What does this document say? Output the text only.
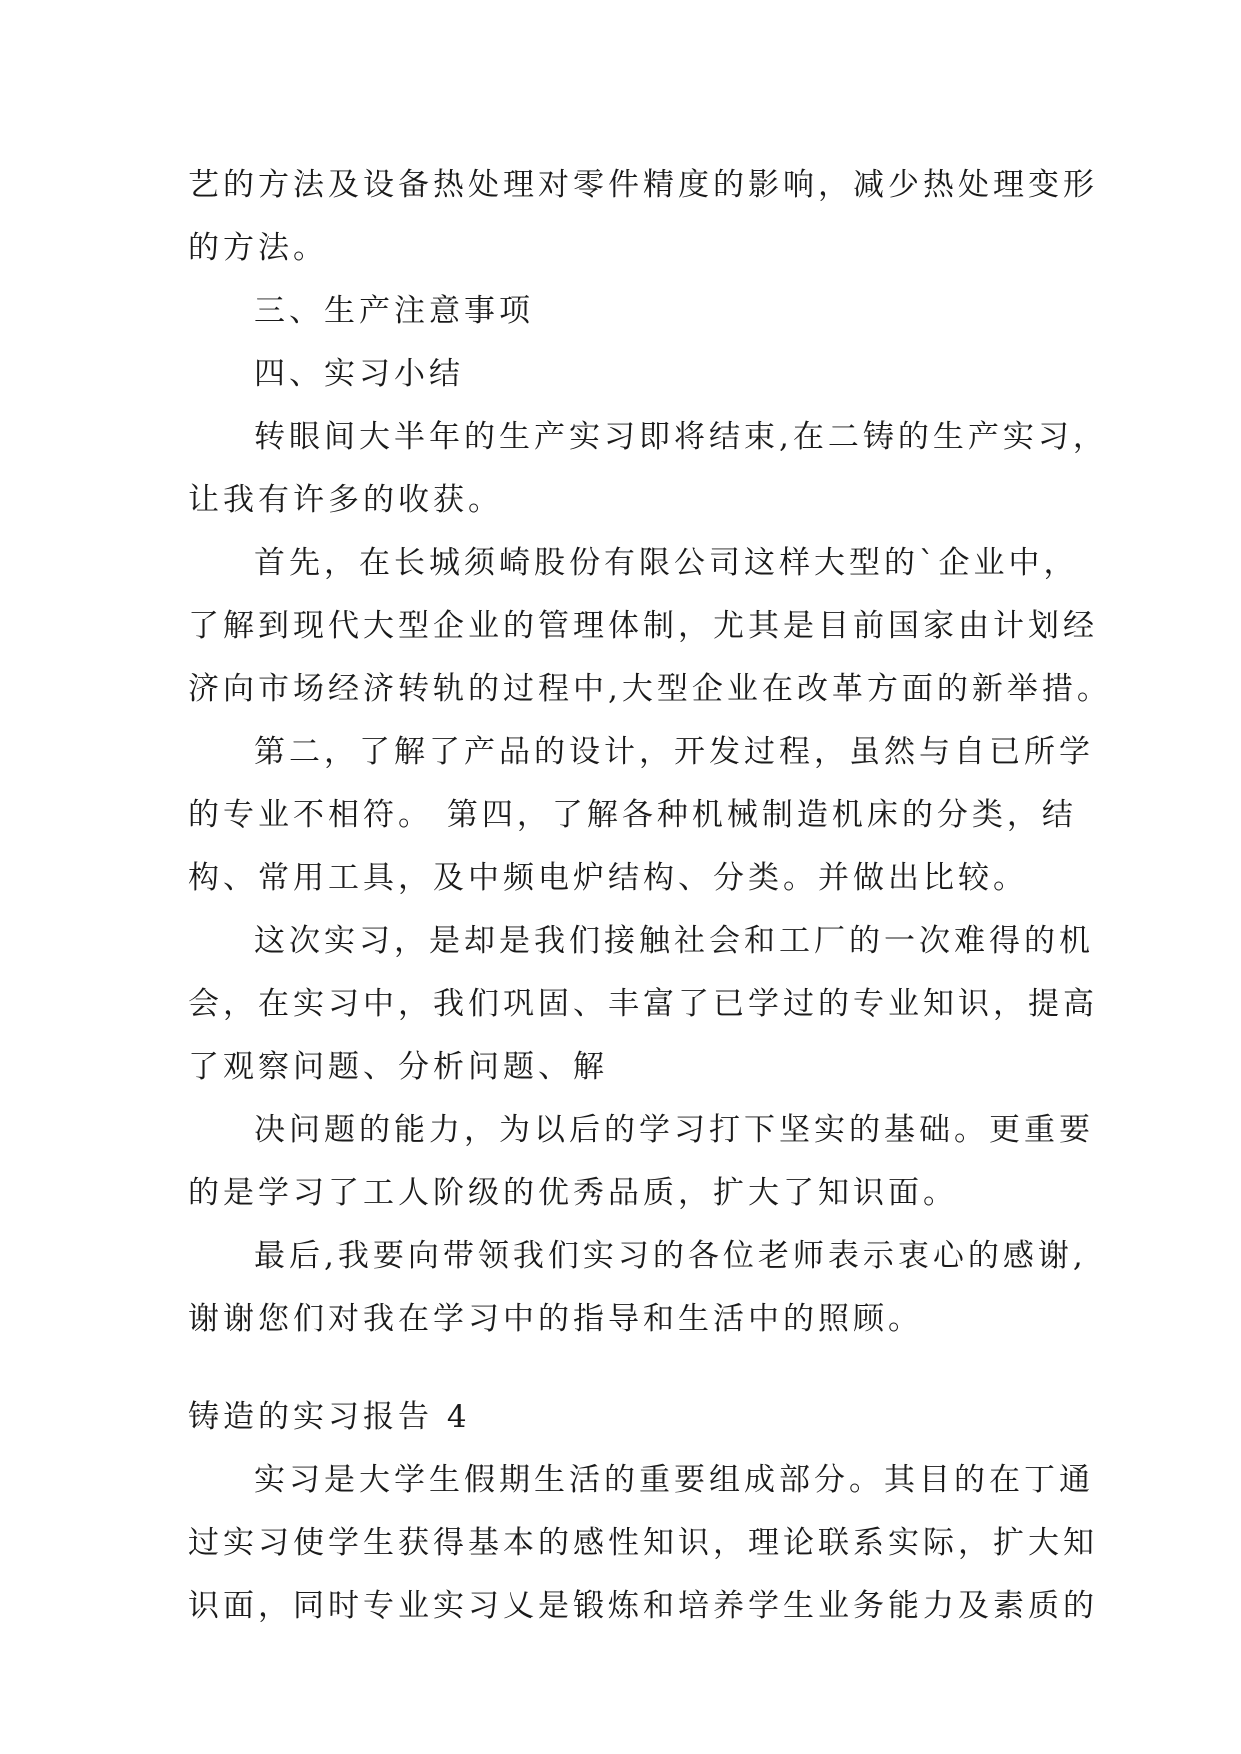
艺的方法及设备热处理对零件精度的影响，减少热处理变形
的方法。
三、生产注意事项
四、实习小结
转眼间大半年的生产实习即将结束,在二铸的生产实习，
让我有许多的收获。
首先，在长城须崎股份有限公司这样大型的`企业中，
了解到现代大型企业的管理体制，尤其是目前国家由计划经
济向市场经济转轨的过程中,大型企业在改革方面的新举措。
第二，了解了产品的设计，开发过程，虽然与自已所学
的专业不相符。 第四，了解各种机械制造机床的分类，结
构、常用工具，及中频电炉结构、分类。并做出比较。
这次实习，是却是我们接触社会和工厂的一次难得的机
会，在实习中，我们巩固、丰富了已学过的专业知识，提高
了观察问题、分析问题、解
决问题的能力，为以后的学习打下坚实的基础。更重要
的是学习了工人阶级的优秀品质，扩大了知识面。
最后,我要向带领我们实习的各位老师表示衷心的感谢,
谢谢您们对我在学习中的指导和生活中的照顾。
铸造的实习报告 4
实习是大学生假期生活的重要组成部分。其目的在丁通
过实习使学生获得基本的感性知识，理论联系实际，扩大知
识面，同时专业实习乂是锻炼和培养学生业务能力及素质的
